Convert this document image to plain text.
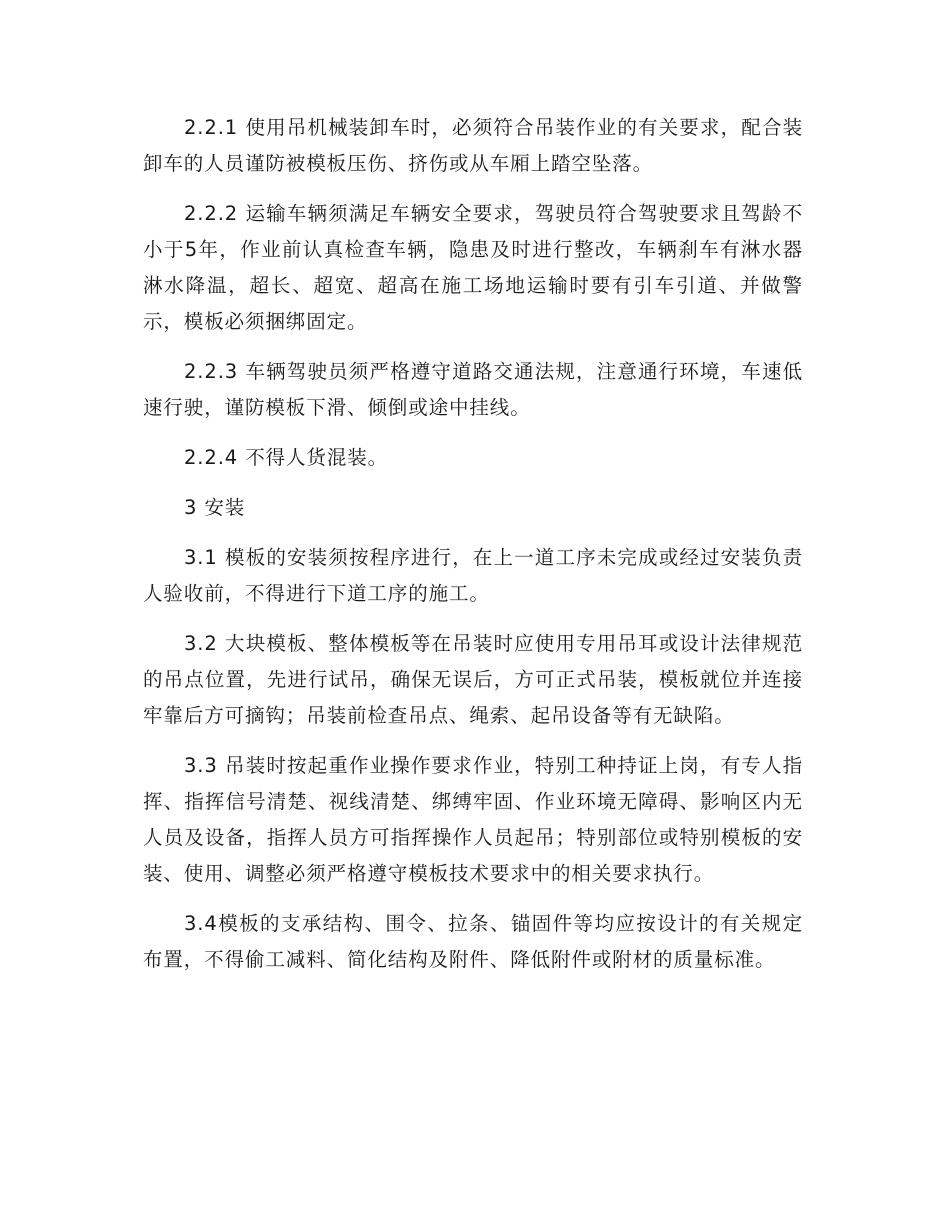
2.2.1 使用吊机械装卸车时，必须符合吊装作业的有关要求，配合装卸车的人员谨防被模板压伤、挤伤或从车厢上踏空坠落。

2.2.2 运输车辆须满足车辆安全要求，驾驶员符合驾驶要求且驾龄不小于5年，作业前认真检查车辆，隐患及时进行整改，车辆刹车有淋水器淋水降温，超长、超宽、超高在施工场地运输时要有引车引道、并做警示，模板必须捆绑固定。

2.2.3 车辆驾驶员须严格遵守道路交通法规，注意通行环境，车速低速行驶，谨防模板下滑、倾倒或途中挂线。

2.2.4 不得人货混装。

3 安装

3.1 模板的安装须按程序进行，在上一道工序未完成或经过安装负责人验收前，不得进行下道工序的施工。

3.2 大块模板、整体模板等在吊装时应使用专用吊耳或设计法律规范的吊点位置，先进行试吊，确保无误后，方可正式吊装，模板就位并连接牢靠后方可摘钩；吊装前检查吊点、绳索、起吊设备等有无缺陷。

3.3 吊装时按起重作业操作要求作业，特别工种持证上岗，有专人指挥、指挥信号清楚、视线清楚、绑缚牢固、作业环境无障碍、影响区内无人员及设备，指挥人员方可指挥操作人员起吊；特别部位或特别模板的安装、使用、调整必须严格遵守模板技术要求中的相关要求执行。

3.4模板的支承结构、围令、拉条、锚固件等均应按设计的有关规定布置，不得偷工减料、简化结构及附件、降低附件或附材的质量标准。
